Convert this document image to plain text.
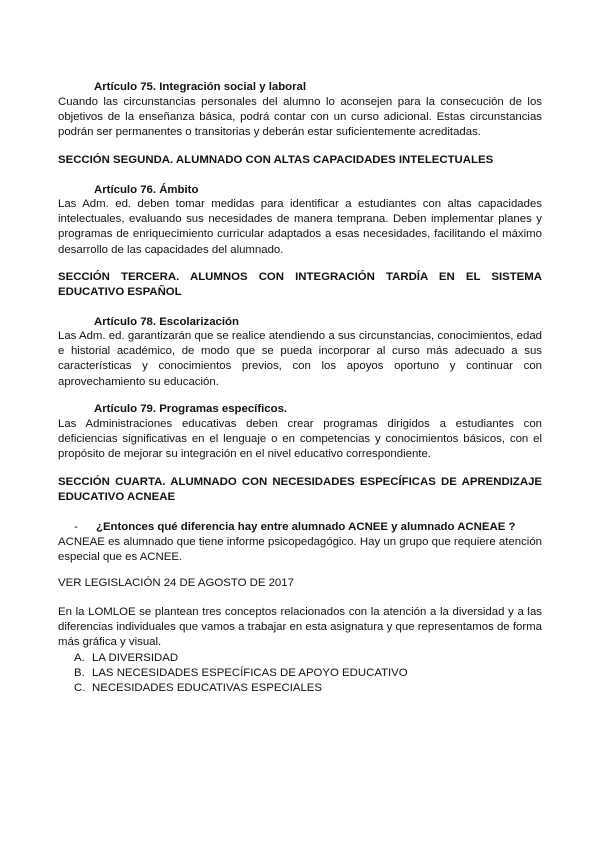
Artículo 75. Integración social y laboral

Cuando las circunstancias personales del alumno lo aconsejen para la consecución de los objetivos de la enseñanza básica, podrá contar con un curso adicional. Estas circunstancias podrán ser permanentes o transitorias y deberán estar suficientemente acreditadas.

SECCIÓN SEGUNDA. ALUMNADO CON ALTAS CAPACIDADES INTELECTUALES
Artículo 76. Ámbito

Las Adm. ed. deben tomar medidas para identificar a estudiantes con altas capacidades intelectuales, evaluando sus necesidades de manera temprana. Deben implementar planes y programas de enriquecimiento curricular adaptados a esas necesidades, facilitando el máximo desarrollo de las capacidades del alumnado.

SECCIÓN TERCERA. ALUMNOS CON INTEGRACIÓN TARDÍA EN EL SISTEMA EDUCATIVO ESPAÑOL
Artículo 78. Escolarización

Las Adm. ed. garantizarán que se realice atendiendo a sus circunstancias, conocimientos, edad e historial académico, de modo que se pueda incorporar al curso más adecuado a sus características y conocimientos previos, con los apoyos oportuno y continuar con aprovechamiento su educación.

Artículo 79. Programas específicos.

Las Administraciones educativas deben crear programas dirigidos a estudiantes con deficiencias significativas en el lenguaje o en competencias y conocimientos básicos, con el propósito de mejorar su integración en el nivel educativo correspondiente.

SECCIÓN CUARTA. ALUMNADO CON NECESIDADES ESPECÍFICAS DE APRENDIZAJE EDUCATIVO ACNEAE
- ¿Entonces qué diferencia hay entre alumnado ACNEE y alumnado ACNEAE ?

ACNEAE es alumnado que tiene informe psicopedagógico. Hay un grupo que requiere atención especial que es ACNEE.

VER LEGISLACIÓN 24 DE AGOSTO DE 2017

En la LOMLOE se plantean tres conceptos relacionados con la atención a la diversidad y a las diferencias individuales que vamos a trabajar en esta asignatura y que representamos de forma más gráfica y visual.

A. LA DIVERSIDAD
B. LAS NECESIDADES ESPECÍFICAS DE APOYO EDUCATIVO
C. NECESIDADES EDUCATIVAS ESPECIALES
